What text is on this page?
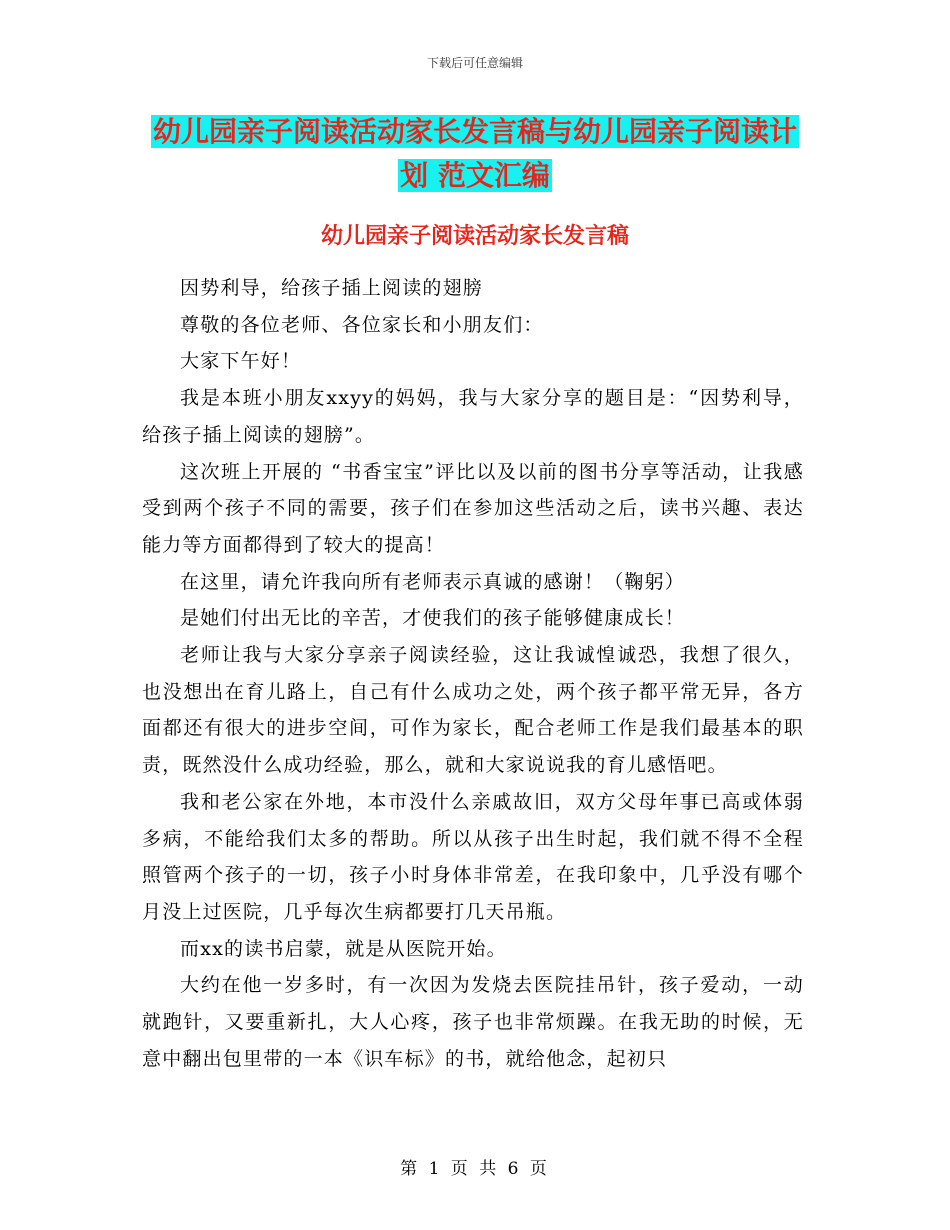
下载后可任意编辑
幼儿园亲子阅读活动家长发言稿与幼儿园亲子阅读计
划 范文汇编
幼儿园亲子阅读活动家长发言稿

因势利导，给孩子插上阅读的翅膀

尊敬的各位老师、各位家长和小朋友们：

大家下午好！

我是本班小朋友xxyy的妈妈，我与大家分享的题目是：“因势利导，给孩子插上阅读的翅膀”。

这次班上开展的 “书香宝宝”评比以及以前的图书分享等活动，让我感受到两个孩子不同的需要，孩子们在参加这些活动之后，读书兴趣、表达能力等方面都得到了较大的提高！

在这里，请允许我向所有老师表示真诚的感谢！（鞠躬）

是她们付出无比的辛苦，才使我们的孩子能够健康成长！

老师让我与大家分享亲子阅读经验，这让我诚惶诚恐，我想了很久，也没想出在育儿路上，自己有什么成功之处，两个孩子都平常无异，各方面都还有很大的进步空间，可作为家长，配合老师工作是我们最基本的职责，既然没什么成功经验，那么，就和大家说说我的育儿感悟吧。

我和老公家在外地，本市没什么亲戚故旧，双方父母年事已高或体弱多病，不能给我们太多的帮助。所以从孩子出生时起，我们就不得不全程照管两个孩子的一切，孩子小时身体非常差，在我印象中，几乎没有哪个月没上过医院，几乎每次生病都要打几天吊瓶。

而xx的读书启蒙，就是从医院开始。

大约在他一岁多时，有一次因为发烧去医院挂吊针，孩子爱动，一动就跑针，又要重新扎，大人心疼，孩子也非常烦躁。在我无助的时候，无意中翻出包里带的一本《识车标》的书，就给他念，起初只

第 1 页 共 6 页
